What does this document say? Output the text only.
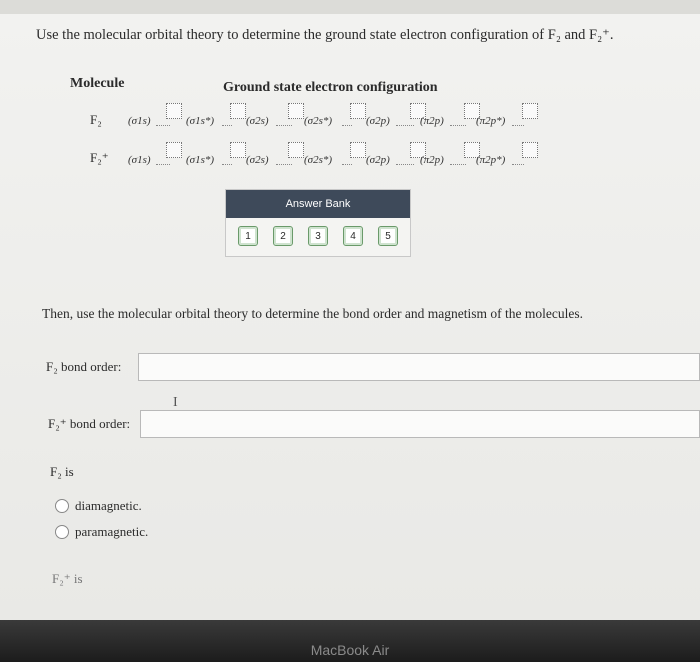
Use the molecular orbital theory to determine the ground state electron configuration of F₂ and F₂⁺.
Molecule	Ground state electron configuration
F₂ (σ1s)	(σ1s*)	(σ2s)	(σ2s*)	(σ2p)	(π2p)	(π2p*)
F₂⁺ (σ1s)	(σ1s*)	(σ2s)	(σ2s*)	(σ2p)	(π2p)	(π2p*)
Answer Bank
1	2	3	4	5
Then, use the molecular orbital theory to determine the bond order and magnetism of the molecules.
F₂ bond order:
I
F₂⁺ bond order:
F₂ is
diamagnetic.
paramagnetic.
F₂⁺ is
MacBook Air
